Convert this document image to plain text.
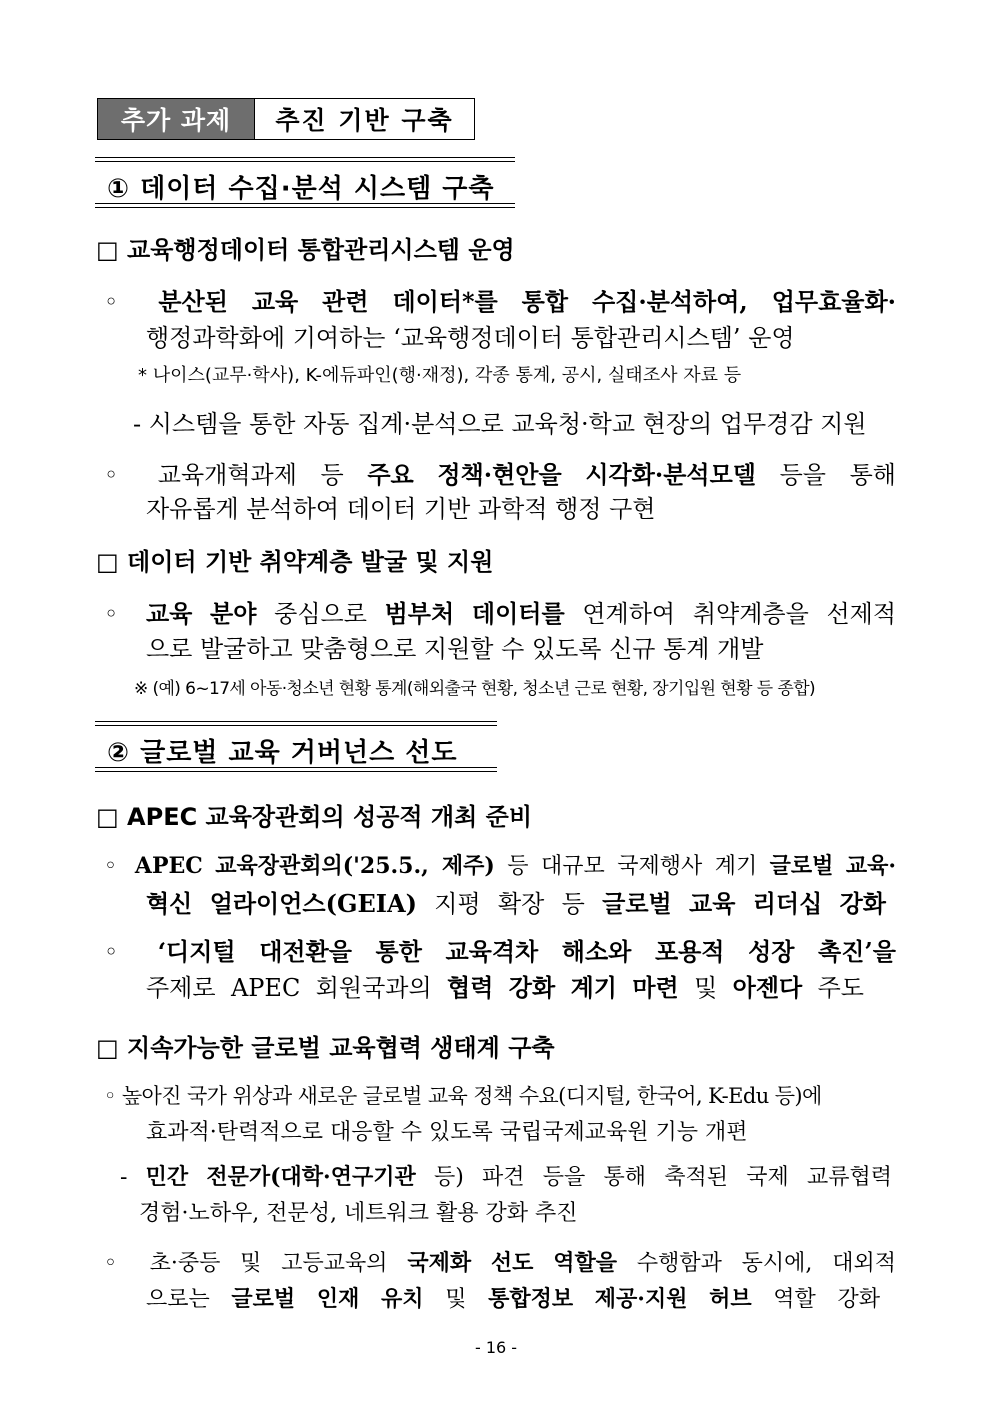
추가 과제	추진 기반 구축
① 데이터 수집·분석 시스템 구축
□ 교육행정데이터 통합관리시스템 운영
◦ 분산된 교육 관련 데이터*를 통합 수집·분석하여, 업무효율화·
행정과학화에 기여하는 ‘교육행정데이터 통합관리시스템’ 운영
* 나이스(교무·학사), K-에듀파인(행·재정), 각종 통계, 공시, 실태조사 자료 등
- 시스템을 통한 자동 집계·분석으로 교육청·학교 현장의 업무경감 지원
◦ 교육개혁과제 등 주요 정책·현안을 시각화·분석모델 등을 통해
자유롭게 분석하여 데이터 기반 과학적 행정 구현
□ 데이터 기반 취약계층 발굴 및 지원
◦ 교육 분야 중심으로 범부처 데이터를 연계하여 취약계층을 선제적
으로 발굴하고 맞춤형으로 지원할 수 있도록 신규 통계 개발
※ (예) 6~17세 아동·청소년 현황 통계(해외출국 현황, 청소년 근로 현황, 장기입원 현황 등 종합)
② 글로벌 교육 거버넌스 선도
□ APEC 교육장관회의 성공적 개최 준비
◦ APEC 교육장관회의('25.5., 제주) 등 대규모 국제행사 계기 글로벌 교육·
혁신 얼라이언스(GEIA) 지평 확장 등 글로벌 교육 리더십 강화
◦ ‘디지털 대전환을 통한 교육격차 해소와 포용적 성장 촉진’을
주제로 APEC 회원국과의 협력 강화 계기 마련 및 아젠다 주도
□ 지속가능한 글로벌 교육협력 생태계 구축
◦ 높아진 국가 위상과 새로운 글로벌 교육 정책 수요(디지털, 한국어, K-Edu 등)에
효과적·탄력적으로 대응할 수 있도록 국립국제교육원 기능 개편
- 민간 전문가(대학·연구기관 등) 파견 등을 통해 축적된 국제 교류협력
경험·노하우, 전문성, 네트워크 활용 강화 추진
◦ 초·중등 및 고등교육의 국제화 선도 역할을 수행함과 동시에, 대외적
으로는 글로벌 인재 유치 및 통합정보 제공·지원 허브 역할 강화
- 16 -
